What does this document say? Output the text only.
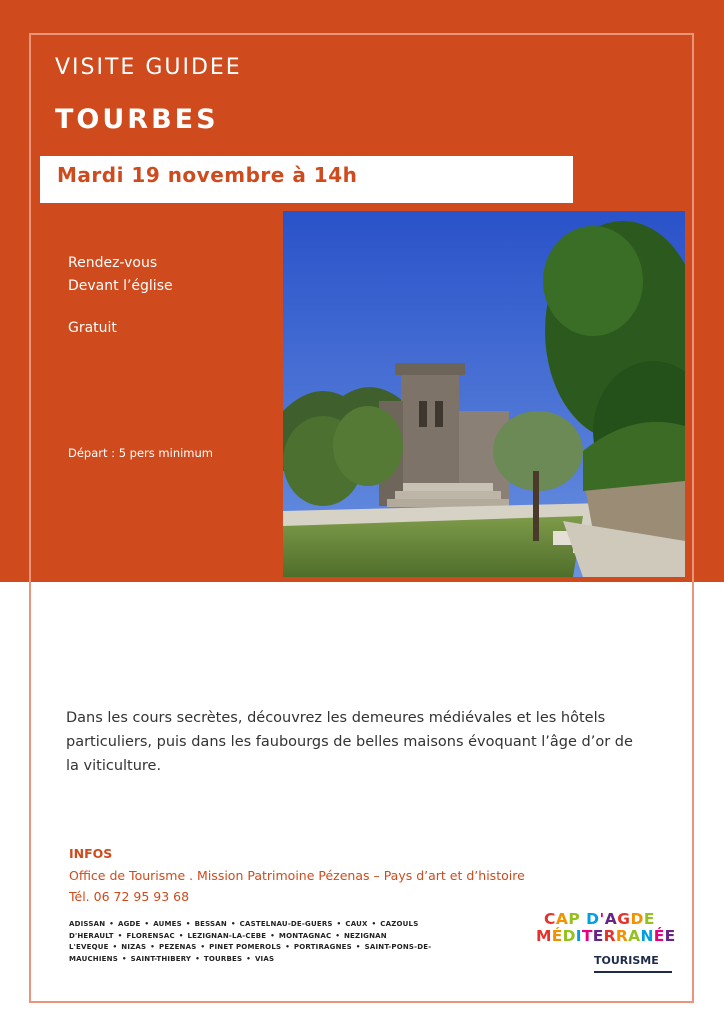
VISITE GUIDEE
TOURBES
Mardi 19 novembre à 14h
Rendez-vous
Devant l’église
Gratuit
Départ : 5 pers minimum
Dans les cours secrètes, découvrez les demeures médiévales et les hôtels particuliers, puis dans les faubourgs de belles maisons évoquant l’âge d’or de la viticulture.
INFOS
Office de Tourisme . Mission Patrimoine Pézenas – Pays d’art et d’histoire
Tél. 06 72 95 93 68
ADISSAN • AGDE • AUMES • BESSAN • CASTELNAU-DE-GUERS • CAUX • CAZOULS D'HERAULT • FLORENSAC • LEZIGNAN-LA-CEBE • MONTAGNAC • NEZIGNAN L'EVEQUE • NIZAS • PEZENAS • PINET POMEROLS • PORTIRAGNES • SAINT-PONS-DE-MAUCHIENS • SAINT-THIBERY • TOURBES • VIAS
CAP D'AGDE
MÉDITERRANÉE
TOURISME
